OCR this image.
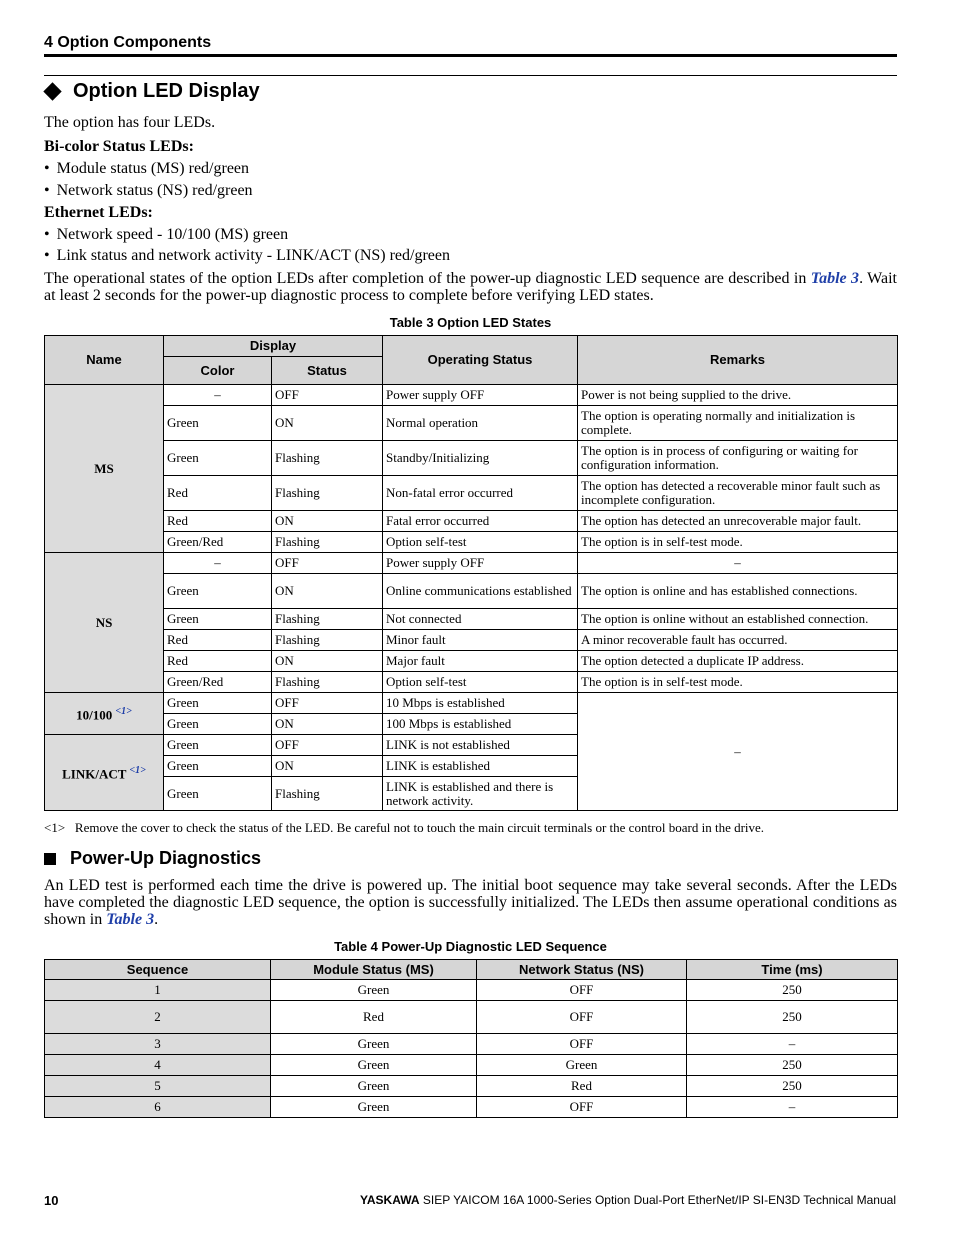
4 Option Components
Option LED Display
The option has four LEDs.
Bi-color Status LEDs:
• Module status (MS) red/green
• Network status (NS) red/green
Ethernet LEDs:
• Network speed - 10/100 (MS) green
• Link status and network activity - LINK/ACT (NS) red/green
The operational states of the option LEDs after completion of the power-up diagnostic LED sequence are described in Table 3. Wait at least 2 seconds for the power-up diagnostic process to complete before verifying LED states.
Table 3 Option LED States
Name	Display		Operating Status	Remarks
	Color	Status		
MS	–	OFF	Power supply OFF	Power is not being supplied to the drive.
	Green	ON	Normal operation	The option is operating normally and initialization is complete.
	Green	Flashing	Standby/Initializing	The option is in process of configuring or waiting for configuration information.
	Red	Flashing	Non-fatal error occurred	The option has detected a recoverable minor fault such as incomplete configuration.
	Red	ON	Fatal error occurred	The option has detected an unrecoverable major fault.
	Green/Red	Flashing	Option self-test	The option is in self-test mode.
NS	–	OFF	Power supply OFF	–
	Green	ON	Online communications established	The option is online and has established connections.
	Green	Flashing	Not connected	The option is online without an established connection.
	Red	Flashing	Minor fault	A minor recoverable fault has occurred.
	Red	ON	Major fault	The option detected a duplicate IP address.
	Green/Red	Flashing	Option self-test	The option is in self-test mode.
10/100 $^{<1>}$	Green	OFF	10 Mbps is established	–
	Green	ON	100 Mbps is established	
LINK/ACT $^{<1>}$	Green	OFF	LINK is not established	
	Green	ON	LINK is established	
	Green	Flashing	LINK is established and there is network activity.	
<1> Remove the cover to check the status of the LED. Be careful not to touch the main circuit terminals or the control board in the drive.
Power-Up Diagnostics
An LED test is performed each time the drive is powered up. The initial boot sequence may take several seconds. After the LEDs have completed the diagnostic LED sequence, the option is successfully initialized. The LEDs then assume operational conditions as shown in Table 3.
Table 4 Power-Up Diagnostic LED Sequence
Sequence	Module Status (MS)	Network Status (NS)	Time (ms)
1	Green	OFF	250
2	Red	OFF	250
3	Green	OFF	–
4	Green	Green	250
5	Green	Red	250
6	Green	OFF	–
10	YASKAWA SIEP YAICOM 16A 1000-Series Option Dual-Port EtherNet/IP SI-EN3D Technical Manual
